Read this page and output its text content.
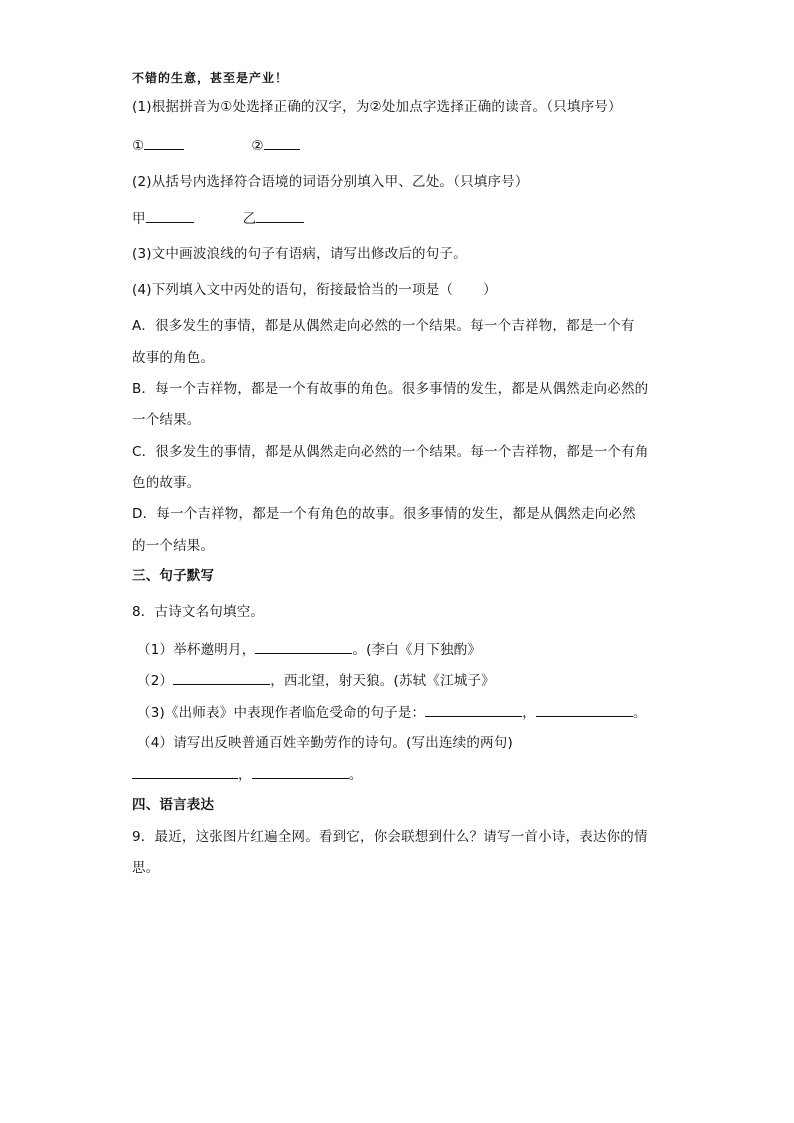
不错的生意，甚至是产业！
(1)根据拼音为①处选择正确的汉字，为②处加点字选择正确的读音。（只填序号）
①	②
(2)从括号内选择符合语境的词语分别填入甲、乙处。（只填序号）
甲	乙
(3)文中画波浪线的句子有语病，请写出修改后的句子。
(4)下列填入文中丙处的语句，衔接最恰当的一项是（ ）
A．很多发生的事情，都是从偶然走向必然的一个结果。每一个吉祥物，都是一个有
故事的角色。
B．每一个吉祥物，都是一个有故事的角色。很多事情的发生，都是从偶然走向必然的
一个结果。
C．很多发生的事情，都是从偶然走向必然的一个结果。每一个吉祥物，都是一个有角
色的故事。
D．每一个吉祥物，都是一个有角色的故事。很多事情的发生，都是从偶然走向必然
的一个结果。
三、句子默写
8．古诗文名句填空。
（1）举杯邀明月，	。(李白《月下独酌》
（2）	，西北望，射天狼。(苏轼《江城子》
（3)《出师表》中表现作者临危受命的句子是：	，	。
（4）请写出反映普通百姓辛勤劳作的诗句。(写出连续的两句)
，	。
四、语言表达
9．最近，这张图片红遍全网。看到它，你会联想到什么？请写一首小诗，表达你的情
思。
